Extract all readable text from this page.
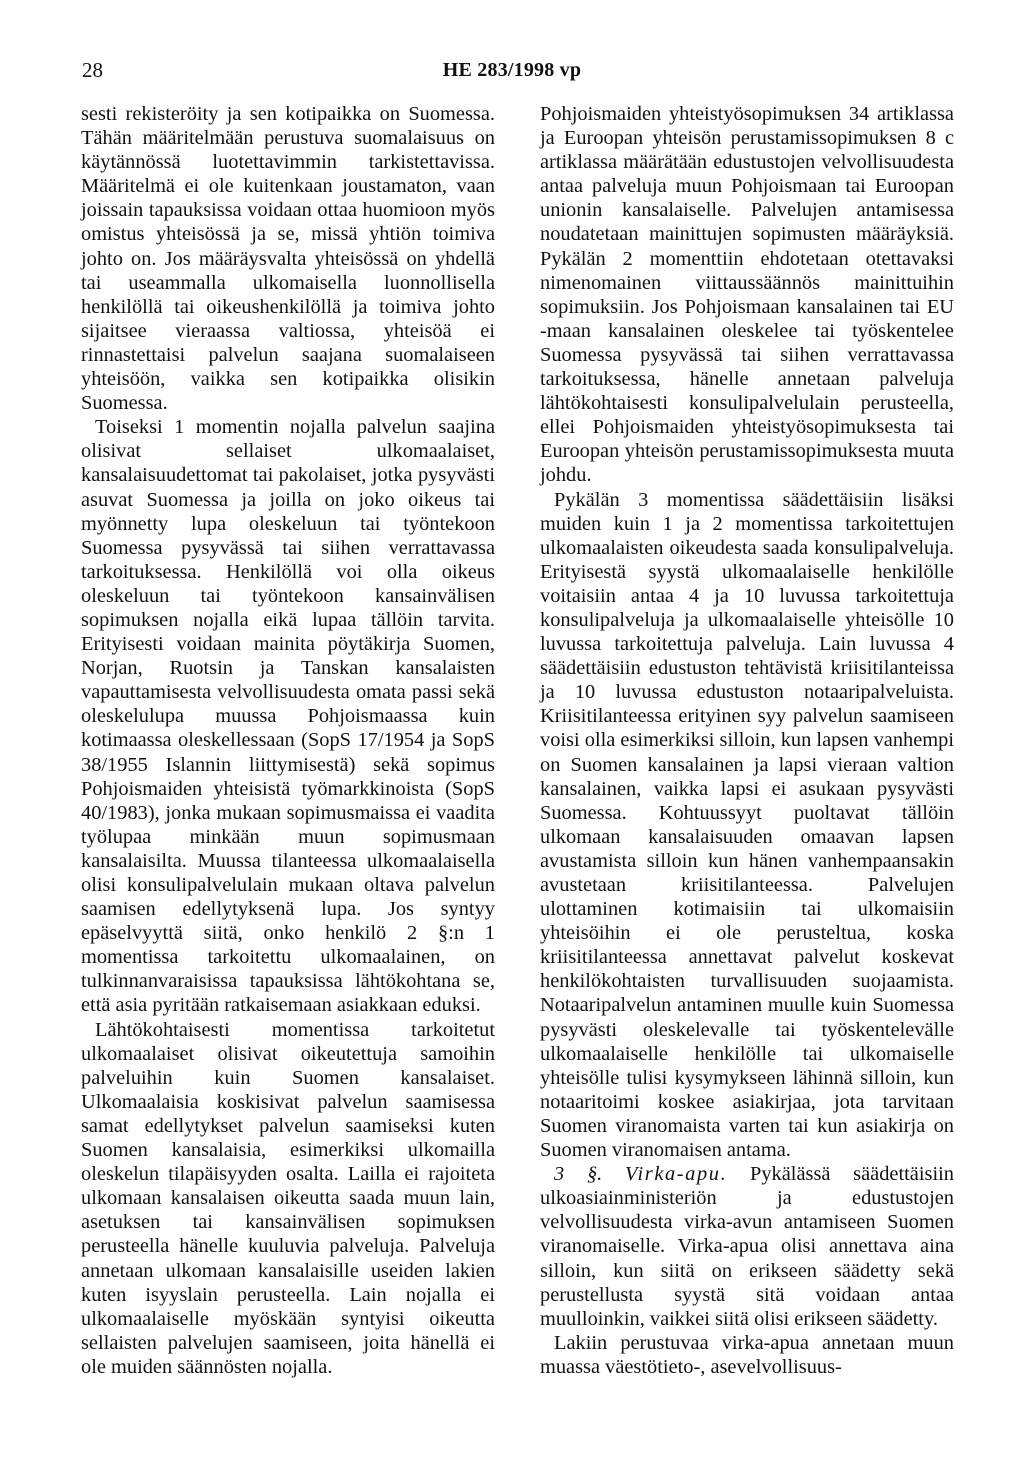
28	HE 283/1998 vp

sesti rekisteröity ja sen kotipaikka on Suomessa. Tähän määritelmään perustuva suomalaisuus on käytännössä luotettavimmin tarkistettavissa. Määritelmä ei ole kuitenkaan joustamaton, vaan joissain tapauksissa voidaan ottaa huomioon myös omistus yhteisössä ja se, missä yhtiön toimiva johto on. Jos määräysvalta yhteisössä on yhdellä tai useammalla ulkomaisella luonnollisella henkilöllä tai oikeushenkilöllä ja toimiva johto sijaitsee vieraassa valtiossa, yhteisöä ei rinnastettaisi palvelun saajana suomalaiseen yhteisöön, vaikka sen kotipaikka olisikin Suomessa.

Toiseksi 1 momentin nojalla palvelun saajina olisivat sellaiset ulkomaalaiset, kansalaisuudettomat tai pakolaiset, jotka pysyvästi asuvat Suomessa ja joilla on joko oikeus tai myönnetty lupa oleskeluun tai työntekoon Suomessa pysyvässä tai siihen verrattavassa tarkoituksessa. Henkilöllä voi olla oikeus oleskeluun tai työntekoon kansainvälisen sopimuksen nojalla eikä lupaa tällöin tarvita. Erityisesti voidaan mainita pöytäkirja Suomen, Norjan, Ruotsin ja Tanskan kansalaisten vapauttamisesta velvollisuudesta omata passi sekä oleskelulupa muussa Pohjoismaassa kuin kotimaassa oleskellessaan (SopS 17/1954 ja SopS 38/1955 Islannin liittymisestä) sekä sopimus Pohjoismaiden yhteisistä työmarkkinoista (SopS 40/1983), jonka mukaan sopimusmaissa ei vaadita työlupaa minkään muun sopimusmaan kansalaisilta. Muussa tilanteessa ulkomaalaisella olisi konsulipalvelulain mukaan oltava palvelun saamisen edellytyksenä lupa. Jos syntyy epäselvyyttä siitä, onko henkilö 2 §:n 1 momentissa tarkoitettu ulkomaalainen, on tulkinnanvaraisissa tapauksissa lähtökohtana se, että asia pyritään ratkaisemaan asiakkaan eduksi.

Lähtökohtaisesti momentissa tarkoitetut ulkomaalaiset olisivat oikeutettuja samoihin palveluihin kuin Suomen kansalaiset. Ulkomaalaisia koskisivat palvelun saamisessa samat edellytykset palvelun saamiseksi kuten Suomen kansalaisia, esimerkiksi ulkomailla oleskelun tilapäisyyden osalta. Lailla ei rajoiteta ulkomaan kansalaisen oikeutta saada muun lain, asetuksen tai kansainvälisen sopimuksen perusteella hänelle kuuluvia palveluja. Palveluja annetaan ulkomaan kansalaisille useiden lakien kuten isyyslain perusteella. Lain nojalla ei ulkomaalaiselle myöskään syntyisi oikeutta sellaisten palvelujen saamiseen, joita hänellä ei ole muiden säännösten nojalla.

Pohjoismaiden yhteistyösopimuksen 34 artiklassa ja Euroopan yhteisön perustamissopimuksen 8 c artiklassa määrätään edustustojen velvollisuudesta antaa palveluja muun Pohjoismaan tai Euroopan unionin kansalaiselle. Palvelujen antamisessa noudatetaan mainittujen sopimusten määräyksiä. Pykälän 2 momenttiin ehdotetaan otettavaksi nimenomainen viittaussäännös mainittuihin sopimuksiin. Jos Pohjoismaan kansalainen tai EU -maan kansalainen oleskelee tai työskentelee Suomessa pysyvässä tai siihen verrattavassa tarkoituksessa, hänelle annetaan palveluja lähtökohtaisesti konsulipalvelulain perusteella, ellei Pohjoismaiden yhteistyösopimuksesta tai Euroopan yhteisön perustamissopimuksesta muuta johdu.

Pykälän 3 momentissa säädettäisiin lisäksi muiden kuin 1 ja 2 momentissa tarkoitettujen ulkomaalaisten oikeudesta saada konsulipalveluja. Erityisestä syystä ulkomaalaiselle henkilölle voitaisiin antaa 4 ja 10 luvussa tarkoitettuja konsulipalveluja ja ulkomaalaiselle yhteisölle 10 luvussa tarkoitettuja palveluja. Lain luvussa 4 säädettäisiin edustuston tehtävistä kriisitilanteissa ja 10 luvussa edustuston notaaripalveluista. Kriisitilanteessa erityinen syy palvelun saamiseen voisi olla esimerkiksi silloin, kun lapsen vanhempi on Suomen kansalainen ja lapsi vieraan valtion kansalainen, vaikka lapsi ei asukaan pysyvästi Suomessa. Kohtuussyyt puoltavat tällöin ulkomaan kansalaisuuden omaavan lapsen avustamista silloin kun hänen vanhempaansakin avustetaan kriisitilanteessa. Palvelujen ulottaminen kotimaisiin tai ulkomaisiin yhteisöihin ei ole perusteltua, koska kriisitilanteessa annettavat palvelut koskevat henkilökohtaisten turvallisuuden suojaamista. Notaaripalvelun antaminen muulle kuin Suomessa pysyvästi oleskelevalle tai työskentelevälle ulkomaalaiselle henkilölle tai ulkomaiselle yhteisölle tulisi kysymykseen lähinnä silloin, kun notaaritoimi koskee asiakirjaa, jota tarvitaan Suomen viranomaista varten tai kun asiakirja on Suomen viranomaisen antama.

3 §. Virka-apu. Pykälässä säädettäisiin ulkoasiainministeriön ja edustustojen velvollisuudesta virka-avun antamiseen Suomen viranomaiselle. Virka-apua olisi annettava aina silloin, kun siitä on erikseen säädetty sekä perustellusta syystä sitä voidaan antaa muulloinkin, vaikkei siitä olisi erikseen säädetty.

Lakiin perustuvaa virka-apua annetaan muun muassa väestötieto-, asevelvollisuus-
